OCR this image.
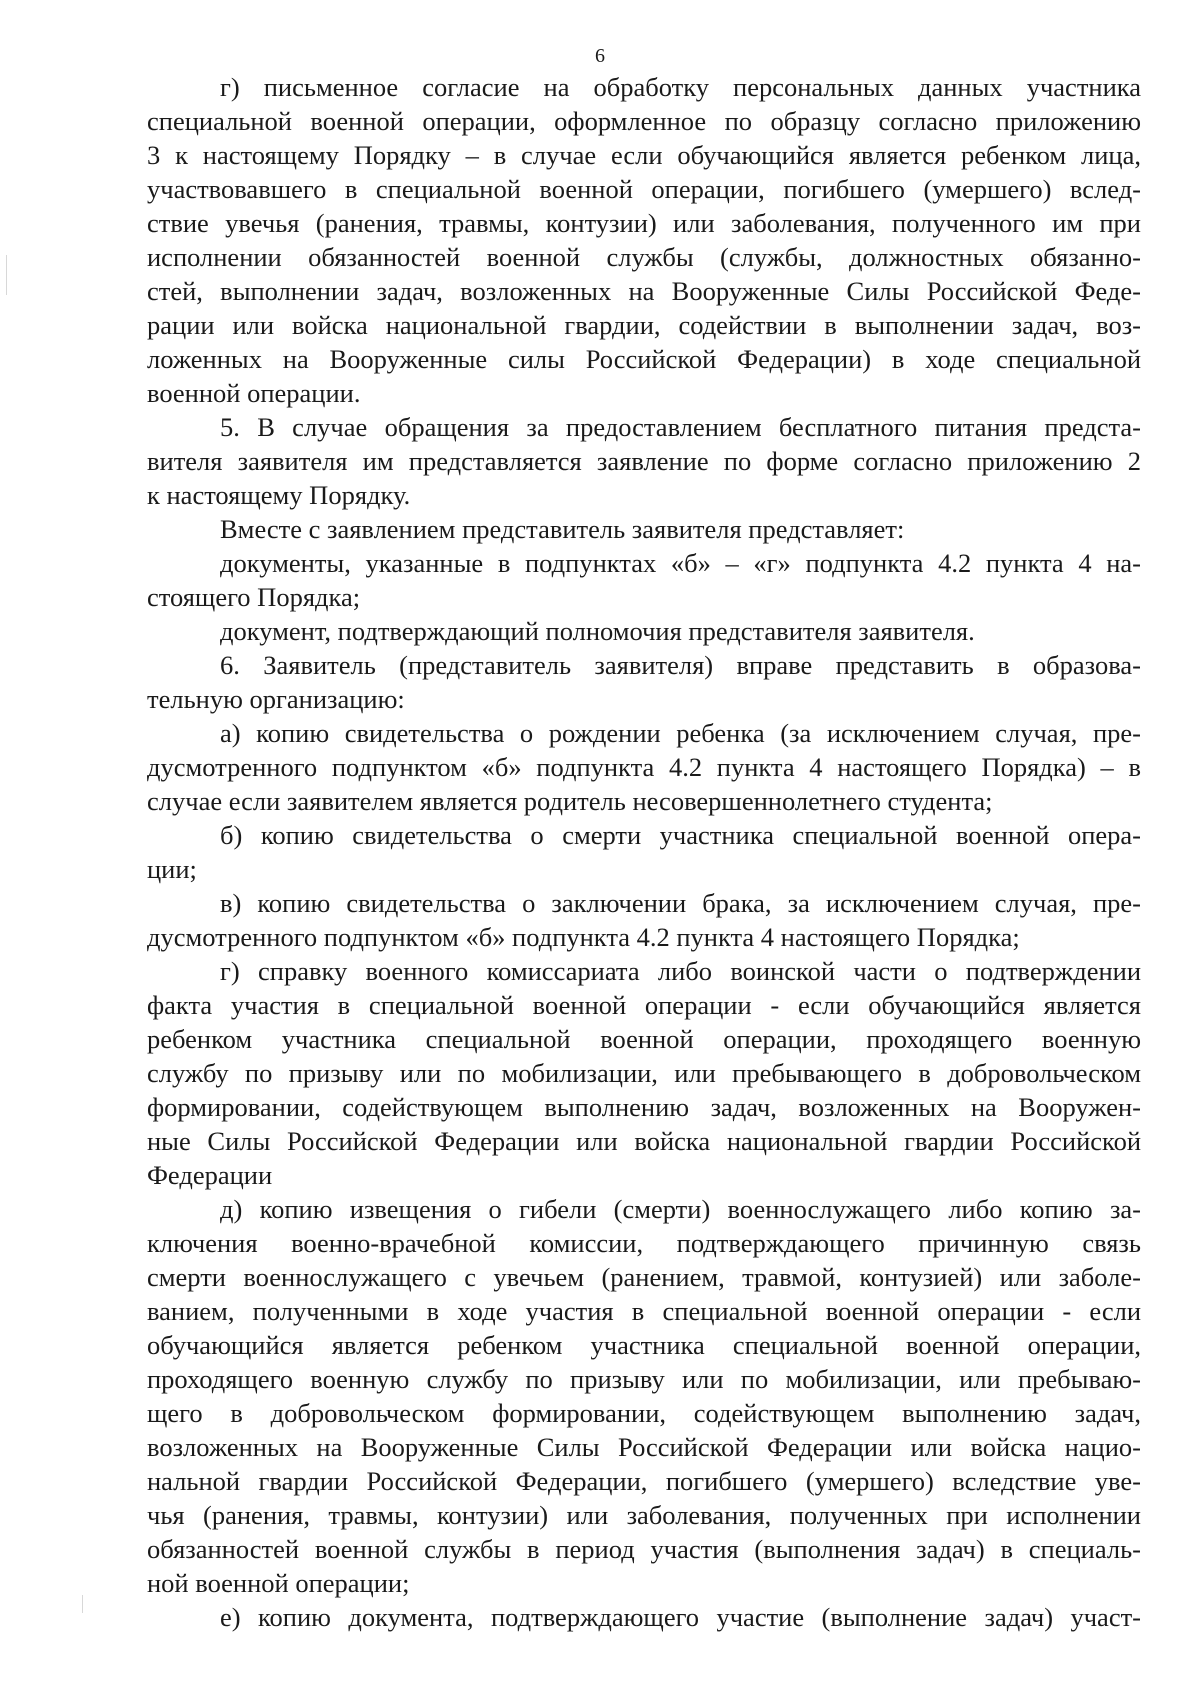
6
г) письменное согласие на обработку персональных данных участника
специальной военной операции, оформленное по образцу согласно приложению
3 к настоящему Порядку – в случае если обучающийся является ребенком лица,
участвовавшего в специальной военной операции, погибшего (умершего) вслед-
ствие увечья (ранения, травмы, контузии) или заболевания, полученного им при
исполнении обязанностей военной службы (службы, должностных обязанно-
стей, выполнении задач, возложенных на Вооруженные Силы Российской Феде-
рации или войска национальной гвардии, содействии в выполнении задач, воз-
ложенных на Вооруженные силы Российской Федерации) в ходе специальной
военной операции.
5. В случае обращения за предоставлением бесплатного питания предста-
вителя заявителя им представляется заявление по форме согласно приложению 2
к настоящему Порядку.
Вместе с заявлением представитель заявителя представляет:
документы, указанные в подпунктах «б» – «г» подпункта 4.2 пункта 4 на-
стоящего Порядка;
документ, подтверждающий полномочия представителя заявителя.
6. Заявитель (представитель заявителя) вправе представить в образова-
тельную организацию:
а) копию свидетельства о рождении ребенка (за исключением случая, пре-
дусмотренного подпунктом «б» подпункта 4.2 пункта 4 настоящего Порядка) – в
случае если заявителем является родитель несовершеннолетнего студента;
б) копию свидетельства о смерти участника специальной военной опера-
ции;
в) копию свидетельства о заключении брака, за исключением случая, пре-
дусмотренного подпунктом «б» подпункта 4.2 пункта 4 настоящего Порядка;
г) справку военного комиссариата либо воинской части о подтверждении
факта участия в специальной военной операции - если обучающийся является
ребенком участника специальной военной операции, проходящего военную
службу по призыву или по мобилизации, или пребывающего в добровольческом
формировании, содействующем выполнению задач, возложенных на Вооружен-
ные Силы Российской Федерации или войска национальной гвардии Российской
Федерации
д) копию извещения о гибели (смерти) военнослужащего либо копию за-
ключения военно-врачебной комиссии, подтверждающего причинную связь
смерти военнослужащего с увечьем (ранением, травмой, контузией) или заболе-
ванием, полученными в ходе участия в специальной военной операции - если
обучающийся является ребенком участника специальной военной операции,
проходящего военную службу по призыву или по мобилизации, или пребываю-
щего в добровольческом формировании, содействующем выполнению задач,
возложенных на Вооруженные Силы Российской Федерации или войска нацио-
нальной гвардии Российской Федерации, погибшего (умершего) вследствие уве-
чья (ранения, травмы, контузии) или заболевания, полученных при исполнении
обязанностей военной службы в период участия (выполнения задач) в специаль-
ной военной операции;
е) копию документа, подтверждающего участие (выполнение задач) участ-
